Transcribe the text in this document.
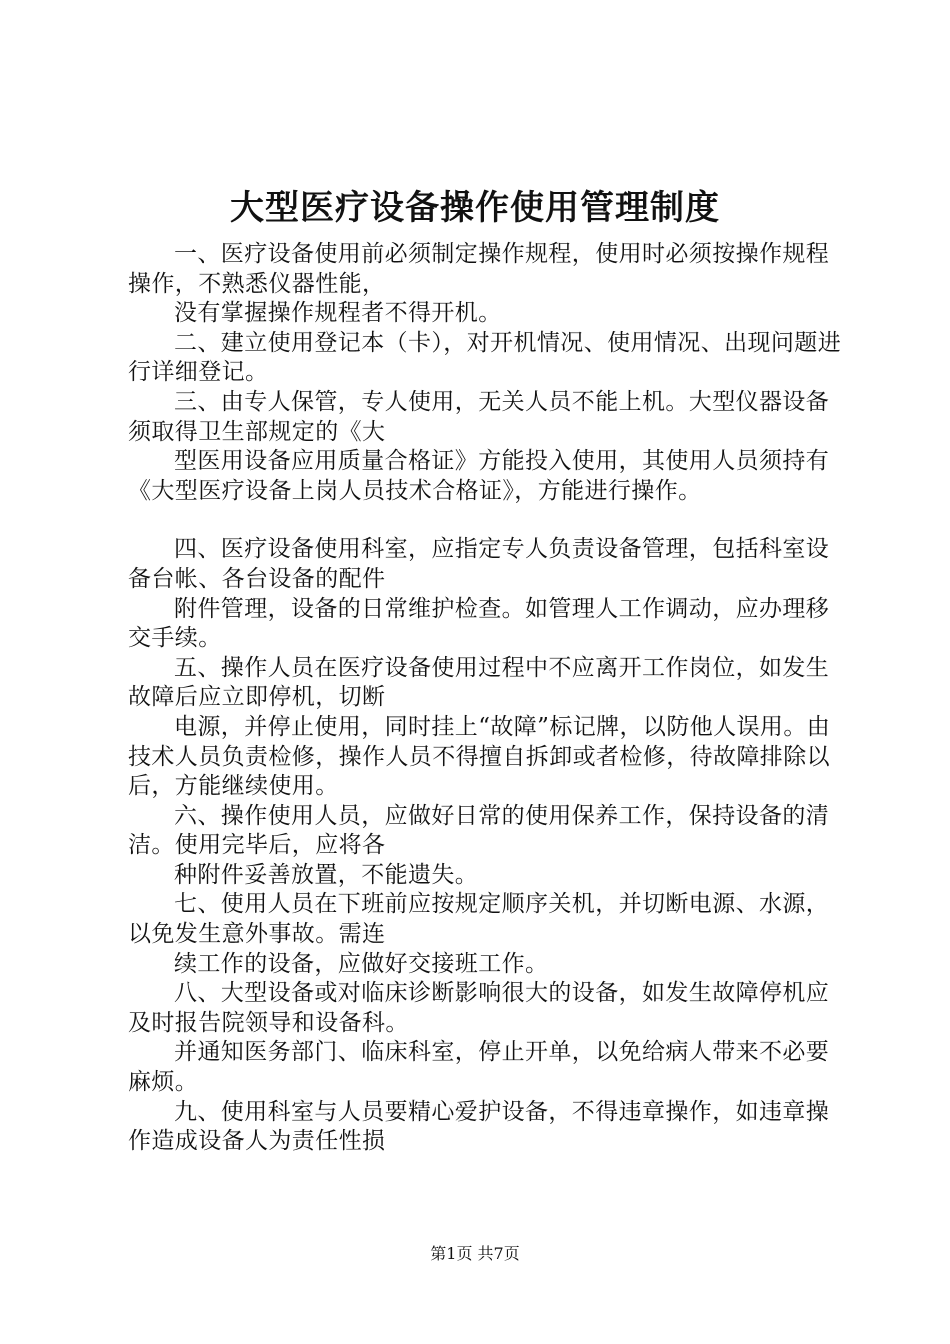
大型医疗设备操作使用管理制度

一、医疗设备使用前必须制定操作规程，使用时必须按操作规程操作，不熟悉仪器性能，

没有掌握操作规程者不得开机。

二、建立使用登记本（卡），对开机情况、使用情况、出现问题进行详细登记。

三、由专人保管，专人使用，无关人员不能上机。大型仪器设备须取得卫生部规定的《大

型医用设备应用质量合格证》方能投入使用，其使用人员须持有《大型医疗设备上岗人员技术合格证》，方能进行操作。

四、医疗设备使用科室，应指定专人负责设备管理，包括科室设备台帐、各台设备的配件

附件管理，设备的日常维护检查。如管理人工作调动，应办理移交手续。

五、操作人员在医疗设备使用过程中不应离开工作岗位，如发生故障后应立即停机，切断

电源，并停止使用，同时挂上“故障”标记牌，以防他人误用。由技术人员负责检修，操作人员不得擅自拆卸或者检修，待故障排除以后，方能继续使用。

六、操作使用人员，应做好日常的使用保养工作，保持设备的清洁。使用完毕后，应将各

种附件妥善放置，不能遗失。

七、使用人员在下班前应按规定顺序关机，并切断电源、水源，以免发生意外事故。需连

续工作的设备，应做好交接班工作。

八、大型设备或对临床诊断影响很大的设备，如发生故障停机应及时报告院领导和设备科。

并通知医务部门、临床科室，停止开单，以免给病人带来不必要麻烦。

九、使用科室与人员要精心爱护设备，不得违章操作，如违章操作造成设备人为责任性损

第1页 共7页
